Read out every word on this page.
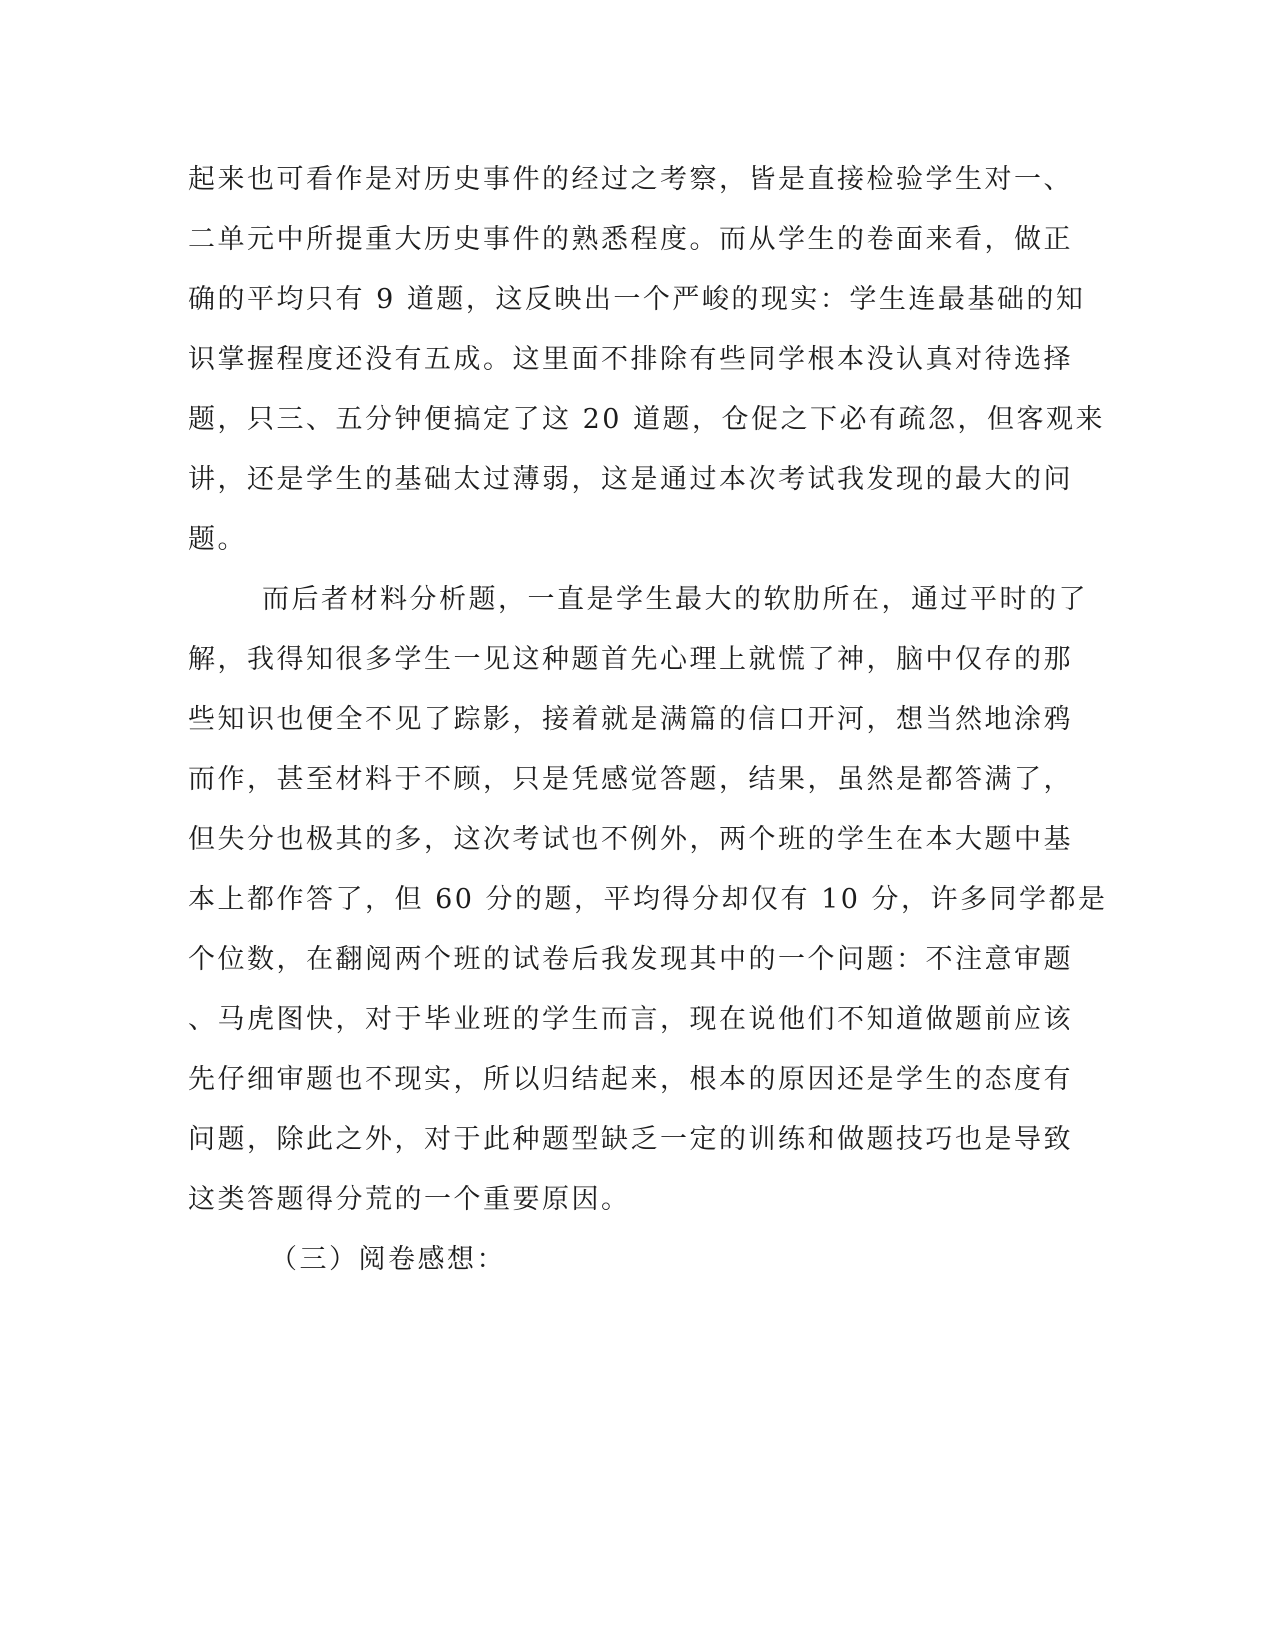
起来也可看作是对历史事件的经过之考察，皆是直接检验学生对一、
二单元中所提重大历史事件的熟悉程度。而从学生的卷面来看，做正
确的平均只有 9 道题，这反映出一个严峻的现实：学生连最基础的知
识掌握程度还没有五成。这里面不排除有些同学根本没认真对待选择
题，只三、五分钟便搞定了这 20 道题，仓促之下必有疏忽，但客观来
讲，还是学生的基础太过薄弱，这是通过本次考试我发现的最大的问
题。
而后者材料分析题，一直是学生最大的软肋所在，通过平时的了
解，我得知很多学生一见这种题首先心理上就慌了神，脑中仅存的那
些知识也便全不见了踪影，接着就是满篇的信口开河，想当然地涂鸦
而作，甚至材料于不顾，只是凭感觉答题，结果，虽然是都答满了，
但失分也极其的多，这次考试也不例外，两个班的学生在本大题中基
本上都作答了，但 60 分的题，平均得分却仅有 10 分，许多同学都是
个位数，在翻阅两个班的试卷后我发现其中的一个问题：不注意审题
、马虎图快，对于毕业班的学生而言，现在说他们不知道做题前应该
先仔细审题也不现实，所以归结起来，根本的原因还是学生的态度有
问题，除此之外，对于此种题型缺乏一定的训练和做题技巧也是导致
这类答题得分荒的一个重要原因。
（三）阅卷感想：
